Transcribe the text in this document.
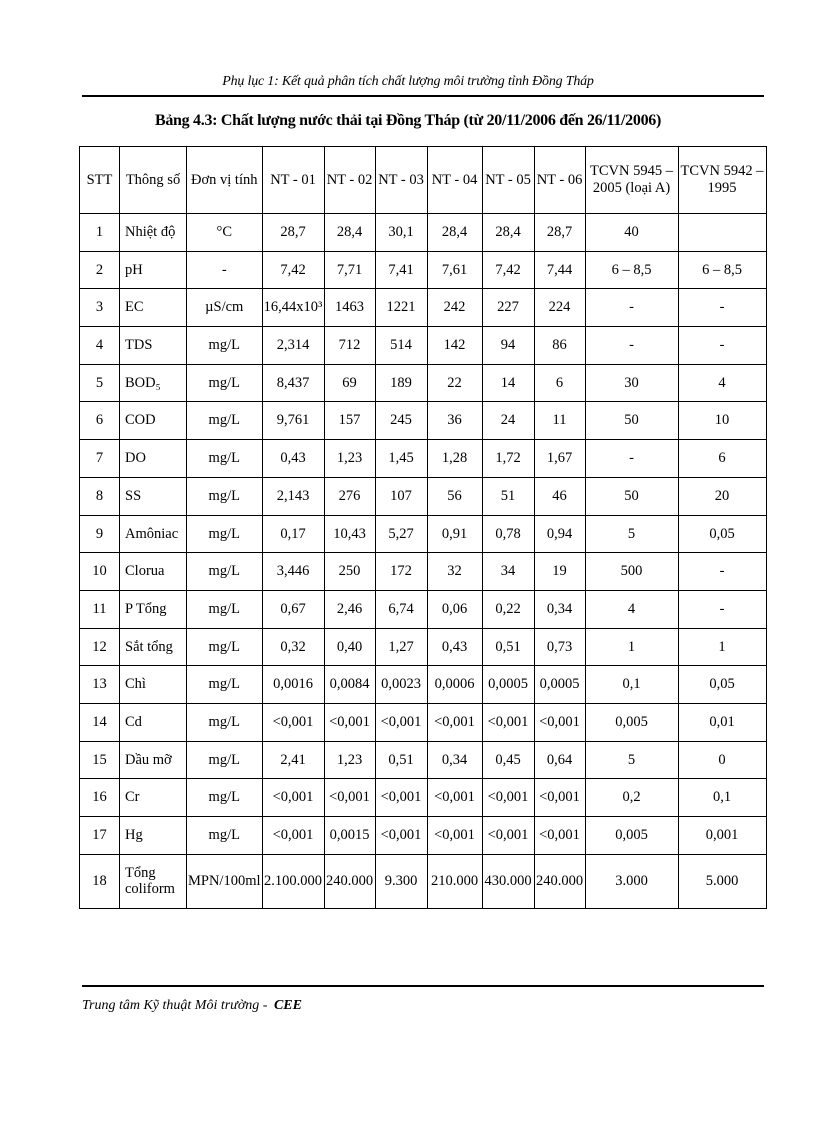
Phụ lục 1: Kết quả phân tích chất lượng môi trường tỉnh Đồng Tháp
Bảng 4.3: Chất lượng nước thải tại Đồng Tháp (từ 20/11/2006 đến 26/11/2006)
STT	Thông số	Đơn vị tính	NT - 01	NT - 02	NT - 03	NT - 04	NT - 05	NT - 06	TCVN 5945 – 2005 (loại A)	TCVN 5942 – 1995
1	Nhiệt độ	°C	28,7	28,4	30,1	28,4	28,4	28,7	40	
2	pH	-	7,42	7,71	7,41	7,61	7,42	7,44	6 – 8,5	6 – 8,5
3	EC	µS/cm	16,44x10³	1463	1221	242	227	224	-	-
4	TDS	mg/L	2,314	712	514	142	94	86	-	-
5	BOD₅	mg/L	8,437	69	189	22	14	6	30	4
6	COD	mg/L	9,761	157	245	36	24	11	50	10
7	DO	mg/L	0,43	1,23	1,45	1,28	1,72	1,67	-	6
8	SS	mg/L	2,143	276	107	56	51	46	50	20
9	Amôniac	mg/L	0,17	10,43	5,27	0,91	0,78	0,94	5	0,05
10	Clorua	mg/L	3,446	250	172	32	34	19	500	-
11	P Tổng	mg/L	0,67	2,46	6,74	0,06	0,22	0,34	4	-
12	Sắt tổng	mg/L	0,32	0,40	1,27	0,43	0,51	0,73	1	1
13	Chì	mg/L	0,0016	0,0084	0,0023	0,0006	0,0005	0,0005	0,1	0,05
14	Cd	mg/L	<0,001	<0,001	<0,001	<0,001	<0,001	<0,001	0,005	0,01
15	Dầu mỡ	mg/L	2,41	1,23	0,51	0,34	0,45	0,64	5	0
16	Cr	mg/L	<0,001	<0,001	<0,001	<0,001	<0,001	<0,001	0,2	0,1
17	Hg	mg/L	<0,001	0,0015	<0,001	<0,001	<0,001	<0,001	0,005	0,001
18	Tổng coliform	MPN/100ml	2.100.000	240.000	9.300	210.000	430.000	240.000	3.000	5.000
Trung tâm Kỹ thuật Môi trường - CEE
